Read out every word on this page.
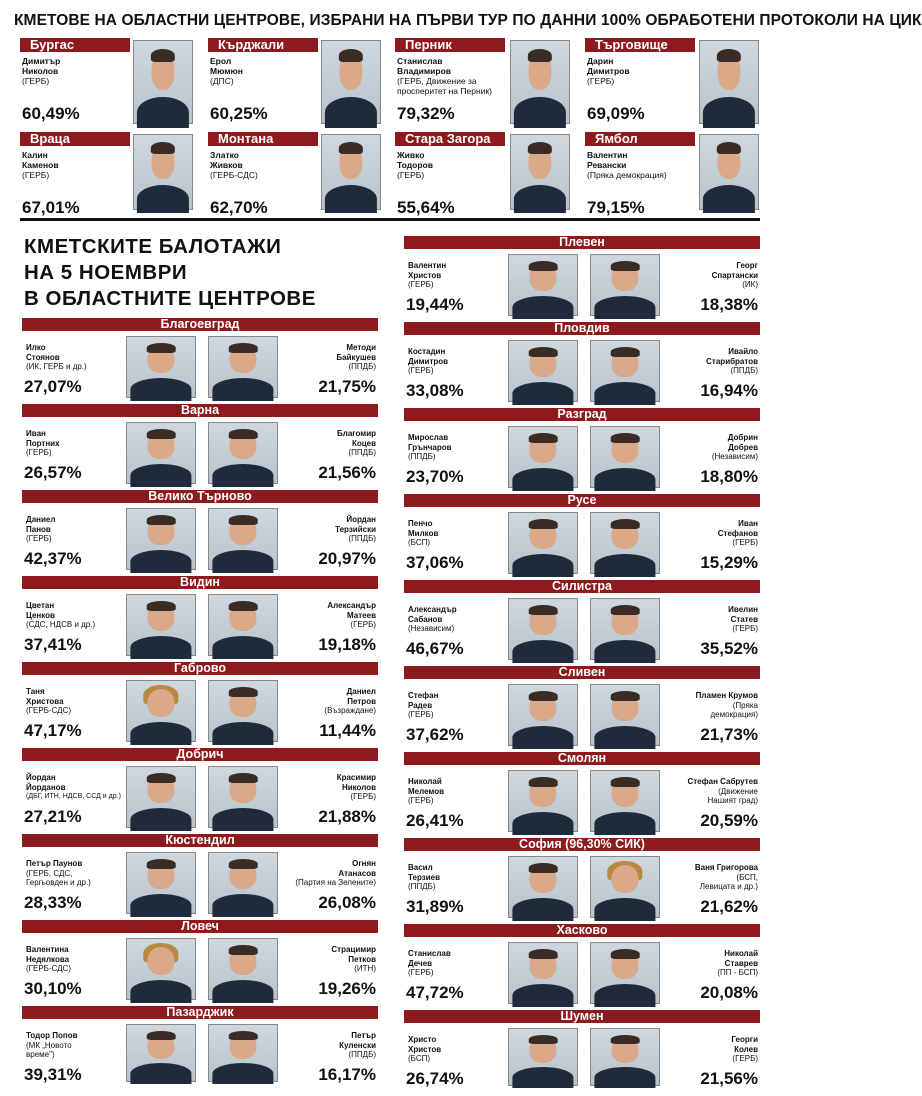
КМЕТОВЕ НА ОБЛАСТНИ ЦЕНТРОВЕ, ИЗБРАНИ НА ПЪРВИ ТУР ПО ДАННИ 100% ОБРАБОТЕНИ ПРОТОКОЛИ НА ЦИК
Бургас
Димитър
Николов
(ГЕРБ)
60,49%
Кърджали
Ерол
Мюмюн
(ДПС)
60,25%
Перник
Станислав
Владимиров
(ГЕРБ, Движение за
просперитет на Перник)
79,32%
Търговище
Дарин
Димитров
(ГЕРБ)
69,09%
Враца
Калин
Каменов
(ГЕРБ)
67,01%
Монтана
Златко
Живков
(ГЕРБ-СДС)
62,70%
Стара Загора
Живко
Тодоров
(ГЕРБ)
55,64%
Ямбол
Валентин
Ревански
(Пряка демокрация)
79,15%
КМЕТСКИТЕ БАЛОТАЖИ
НА 5 НОЕМВРИ
В ОБЛАСТНИТЕ ЦЕНТРОВЕ
Благоевград
Илко
Стоянов
(ИК, ГЕРБ и др.)
27,07%
Методи
Байкушев
(ППДБ)
21,75%
Варна
Иван
Портних
(ГЕРБ)
26,57%
Благомир
Коцев
(ППДБ)
21,56%
Велико Търново
Даниел
Панов
(ГЕРБ)
42,37%
Йордан
Терзийски
(ППДБ)
20,97%
Видин
Цветан
Ценков
(СДС, НДСВ и др.)
37,41%
Александър
Матеев
(ГЕРБ)
19,18%
Габрово
Таня
Христова
(ГЕРБ-СДС)
47,17%
Даниел
Петров
(Възраждане)
11,44%
Добрич
Йордан
Йорданов
(ДБГ, ИТН, НДСВ, ССД и др.)
27,21%
Красимир
Николов
(ГЕРБ)
21,88%
Кюстендил
Петър Паунов
(ГЕРБ, СДС,
Гергьовден и др.)
28,33%
Огнян
Атанасов
(Партия на Зелените)
26,08%
Ловеч
Валентина
Недялкова
(ГЕРБ-СДС)
30,10%
Страцимир
Петков
(ИТН)
19,26%
Пазарджик
Тодор Попов
(МК „Новото
време")
39,31%
Петър
Куленски
(ППДБ)
16,17%
Плевен
Валентин
Христов
(ГЕРБ)
19,44%
Георг
Спартански
(ИК)
18,38%
Пловдив
Костадин
Димитров
(ГЕРБ)
33,08%
Ивайло
Старибратов
(ППДБ)
16,94%
Разград
Мирослав
Грънчаров
(ППДБ)
23,70%
Добрин
Добрев
(Независим)
18,80%
Русе
Пенчо
Милков
(БСП)
37,06%
Иван
Стефанов
(ГЕРБ)
15,29%
Силистра
Александър
Сабанов
(Независим)
46,67%
Ивелин
Статев
(ГЕРБ)
35,52%
Сливен
Стефан
Радев
(ГЕРБ)
37,62%
Пламен Крумов
(Пряка
демокрация)
21,73%
Смолян
Николай
Мелемов
(ГЕРБ)
26,41%
Стефан Сабрутев
(Движение
Нашият град)
20,59%
София (96,30% СИК)
Васил
Терзиев
(ППДБ)
31,89%
Ваня Григорова
(БСП,
Левицата и др.)
21,62%
Хасково
Станислав
Дечев
(ГЕРБ)
47,72%
Николай
Ставрев
(ПП - БСП)
20,08%
Шумен
Христо
Христов
(БСП)
26,74%
Георги
Колев
(ГЕРБ)
21,56%
